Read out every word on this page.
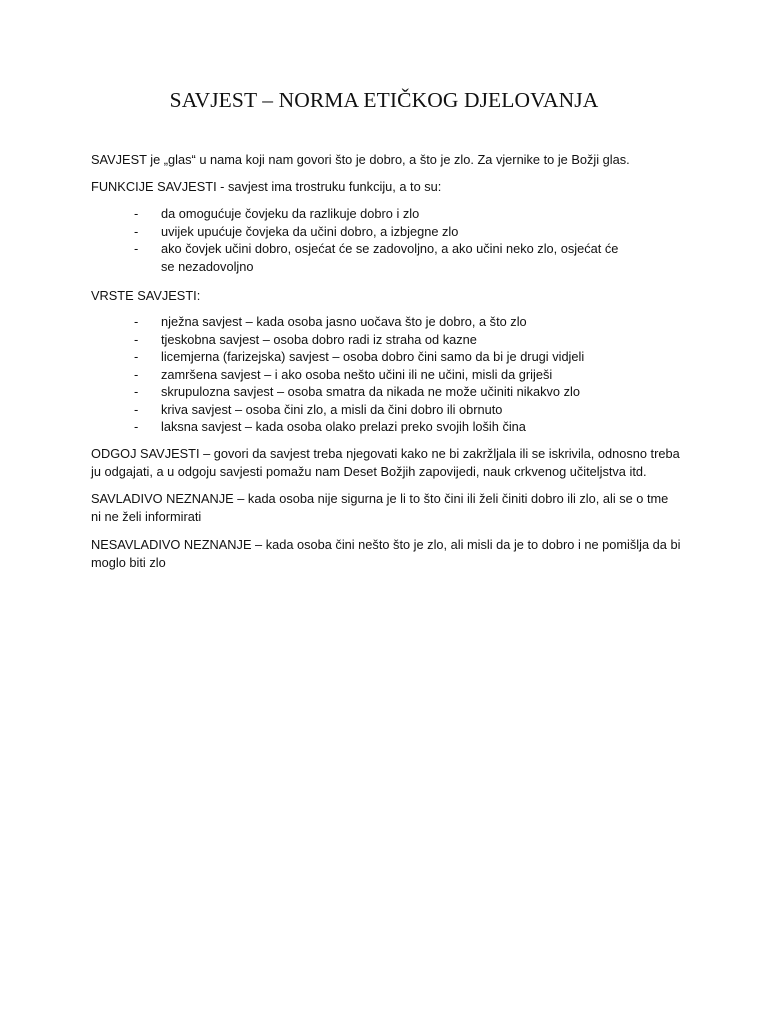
SAVJEST – NORMA ETIČKOG DJELOVANJA

SAVJEST je „glas“ u nama koji nam govori što je dobro, a što je zlo. Za vjernike to je Božji glas.

FUNKCIJE SAVJESTI - savjest ima trostruku funkciju, a to su:

- da omogućuje čovjeku da razlikuje dobro i zlo
- uvijek upućuje čovjeka da učini dobro, a izbjegne zlo
- ako čovjek učini dobro, osjećat će se zadovoljno, a ako učini neko zlo, osjećat će se nezadovoljno

VRSTE SAVJESTI:

- nježna savjest – kada osoba jasno uočava što je dobro, a što zlo
- tjeskobna savjest – osoba dobro radi iz straha od kazne
- licemjerna (farizejska) savjest – osoba dobro čini samo da bi je drugi vidjeli
- zamršena savjest – i ako osoba nešto učini ili ne učini, misli da griješi
- skrupulozna savjest – osoba smatra da nikada ne može učiniti nikakvo zlo
- kriva savjest – osoba čini zlo, a misli da čini dobro ili obrnuto
- laksna savjest – kada osoba olako prelazi preko svojih loših čina

ODGOJ SAVJESTI – govori da savjest treba njegovati kako ne bi zakržljala ili se iskrivila, odnosno treba ju odgajati, a u odgoju savjesti pomažu nam Deset Božjih zapovijedi, nauk crkvenog učiteljstva itd.

SAVLADIVO NEZNANJE – kada osoba nije sigurna je li to što čini ili želi činiti dobro ili zlo, ali se o tme ni ne želi informirati

NESAVLADIVO NEZNANJE – kada osoba čini nešto što je zlo, ali misli da je to dobro i ne pomišlja da bi moglo biti zlo
